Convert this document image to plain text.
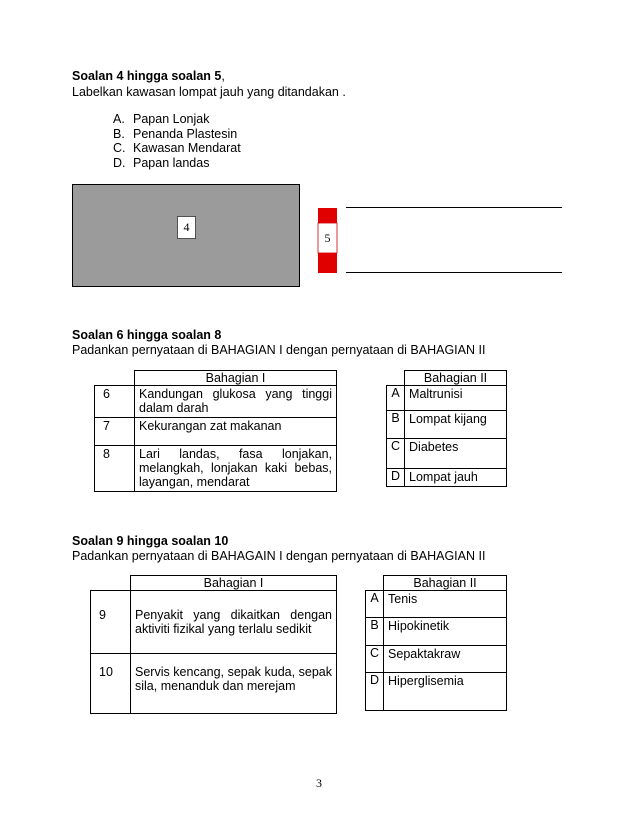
Soalan 4 hingga soalan 5,
Labelkan kawasan lompat jauh yang ditandakan .
A. Papan Lonjak
B. Penanda Plastesin
C. Kawasan Mendarat
D. Papan landas
4
5
Soalan 6 hingga soalan 8
Padankan pernyataan di BAHAGIAN I dengan pernyataan di BAHAGIAN II
	Bahagian I
6	Kandungan glukosa yang tinggi dalam darah
7	Kekurangan zat makanan
8	Lari landas, fasa lonjakan, melangkah, lonjakan kaki bebas, layangan, mendarat
	Bahagian II
A	Maltrunisi
B	Lompat kijang
C	Diabetes
D	Lompat jauh
Soalan 9 hingga soalan 10
Padankan pernyataan di BAHAGAIN I dengan pernyataan di BAHAGIAN II
	Bahagian I
9	Penyakit yang dikaitkan dengan aktiviti fizikal yang terlalu sedikit
10	Servis kencang, sepak kuda, sepak sila, menanduk dan merejam
	Bahagian II
A	Tenis
B	Hipokinetik
C	Sepaktakraw
D	Hiperglisemia
3
